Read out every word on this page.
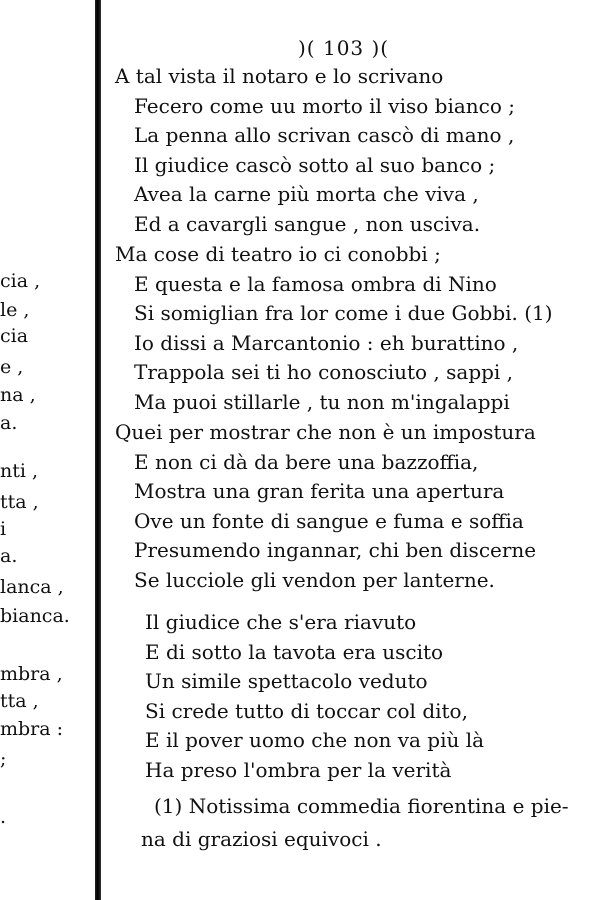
cia ,
le ,
cia
e ,
na ,
a.
nti ,
tta ,
i
a.
lanca ,
bianca.
mbra ,
tta ,
mbra :
;
.
)( 103 )(
A tal vista il notaro e lo scrivano
Fecero come uu morto il viso bianco ;
La penna allo scrivan cascò di mano ,
Il giudice cascò sotto al suo banco ;
Avea la carne più morta che viva ,
Ed a cavargli sangue , non usciva.
Ma cose di teatro io ci conobbi ;
E questa e la famosa ombra di Nino
Si somiglian fra lor come i due Gobbi. (1)
Io dissi a Marcantonio : eh burattino ,
Trappola sei ti ho conosciuto , sappi ,
Ma puoi stillarle , tu non m'ingalappi
Quei per mostrar che non è un impostura
E non ci dà da bere una bazzoffia,
Mostra una gran ferita una apertura
Ove un fonte di sangue e fuma e soffia
Presumendo ingannar, chi ben discerne
Se lucciole gli vendon per lanterne.
Il giudice che s'era riavuto
E di sotto la tavota era uscito
Un simile spettacolo veduto
Si crede tutto di toccar col dito,
E il pover uomo che non va più là
Ha preso l'ombra per la verità
(1) Notissima commedia fiorentina e pie-
na di graziosi equivoci .
